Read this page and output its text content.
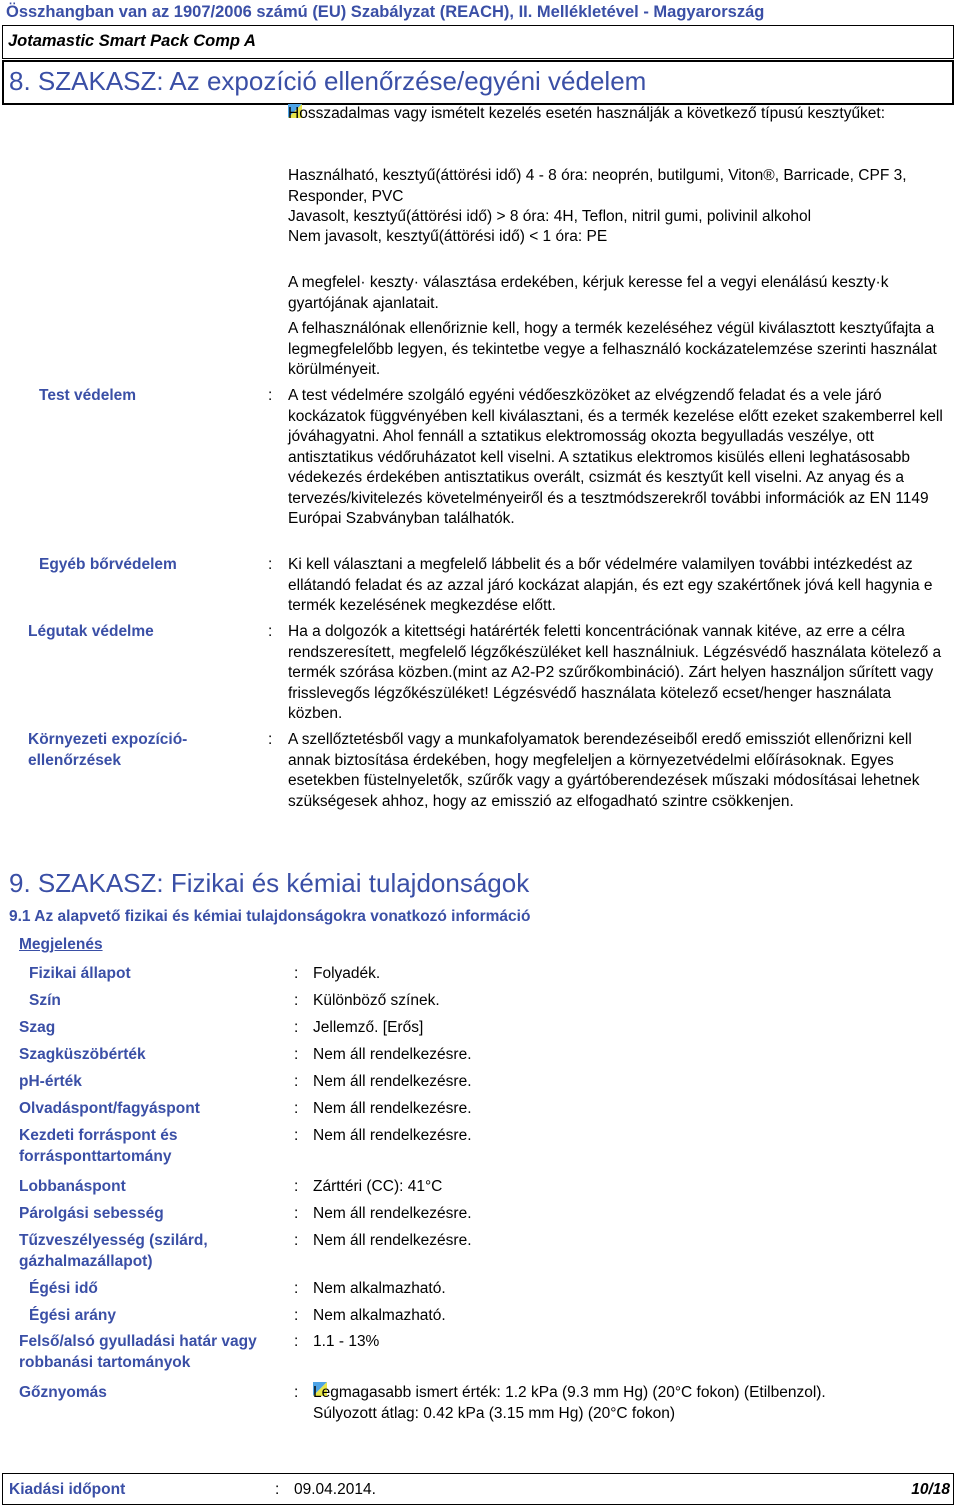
Összhangban van az 1907/2006 számú (EU) Szabályzat (REACH), II. Mellékletével - Magyarország
Jotamastic Smart Pack Comp A
8. SZAKASZ: Az expozíció ellenőrzése/egyéni védelem
Hosszadalmas vagy ismételt kezelés esetén használják a következő típusú kesztyűket:
Használható, kesztyű(áttörési idő) 4 - 8 óra: neoprén, butilgumi, Viton®, Barricade, CPF 3, Responder, PVC
Javasolt, kesztyű(áttörési idő) > 8 óra: 4H, Teflon, nitril gumi, polivinil alkohol
Nem javasolt, kesztyű(áttörési idő) < 1 óra: PE
A megfelel· keszty· választása erdekében, kérjuk keresse fel a vegyi elenálású keszty·k gyartójának ajanlatait.
A felhasználónak ellenőriznie kell, hogy a termék kezeléséhez végül kiválasztott kesztyűfajta a legmegfelelőbb legyen, és tekintetbe vegye a felhasználó kockázatelemzése szerinti használat körülményeit.
Test védelem	: A test védelmére szolgáló egyéni védőeszközöket az elvégzendő feladat és a vele járó kockázatok függvényében kell kiválasztani, és a termék kezelése előtt ezeket szakemberrel kell jóváhagyatni. Ahol fennáll a sztatikus elektromosság okozta begyulladás veszélye, ott antisztatikus védőruházatot kell viselni. A sztatikus elektromos kisülés elleni leghatásosabb védekezés érdekében antisztatikus overált, csizmát és kesztyűt kell viselni. Az anyag és a tervezés/kivitelezés követelményeiről és a tesztmódszerekről további információk az EN 1149 Európai Szabványban találhatók.
Egyéb bőrvédelem	: Ki kell választani a megfelelő lábbelit és a bőr védelmére valamilyen további intézkedést az ellátandó feladat és az azzal járó kockázat alapján, és ezt egy szakértőnek jóvá kell hagynia e termék kezelésének megkezdése előtt.
Légutak védelme	: Ha a dolgozók a kitettségi határérték feletti koncentrációnak vannak kitéve, az erre a célra rendszeresített, megfelelő légzőkészüléket kell használniuk. Légzésvédő használata kötelező a termék szórása közben.(mint az A2-P2 szűrőkombináció). Zárt helyen használjon sűrített vagy frisslevegős légzőkészüléket! Légzésvédő használata kötelező ecset/henger használata közben.
Környezeti expozíció-ellenőrzések
: A szellőztetésből vagy a munkafolyamatok berendezéseiből eredő emissziót ellenőrizni kell annak biztosítása érdekében, hogy megfeleljen a környezetvédelmi előírásoknak. Egyes esetekben füstelnyeletők, szűrők vagy a gyártóberendezések műszaki módosításai lehetnek szükségesek ahhoz, hogy az emisszió az elfogadható szintre csökkenjen.
9. SZAKASZ: Fizikai és kémiai tulajdonságok
9.1 Az alapvető fizikai és kémiai tulajdonságokra vonatkozó információ
Megjelenés
Fizikai állapot	: Folyadék.
Szín	: Különböző színek.
Szag	: Jellemző. [Erős]
Szagküszöbérték	: Nem áll rendelkezésre.
pH-érték	: Nem áll rendelkezésre.
Olvadáspont/fagyáspont	: Nem áll rendelkezésre.
Kezdeti forráspont és forrásponttartomány
: Nem áll rendelkezésre.
Lobbanáspont	: Zárttéri (CC): 41°C
Párolgási sebesség	: Nem áll rendelkezésre.
Tűzveszélyesség (szilárd, gázhalmazállapot)
: Nem áll rendelkezésre.
Égési idő	: Nem alkalmazható.
Égési arány	: Nem alkalmazható.
Felső/alsó gyulladási határ vagy robbanási tartományok
: 1.1 - 13%
Gőznyomás	: Legmagasabb ismert érték: 1.2 kPa (9.3 mm Hg) (20°C fokon) (Etilbenzol).
Súlyozott átlag: 0.42 kPa (3.15 mm Hg) (20°C fokon)
Kiadási időpont	: 09.04.2014.	10/18
